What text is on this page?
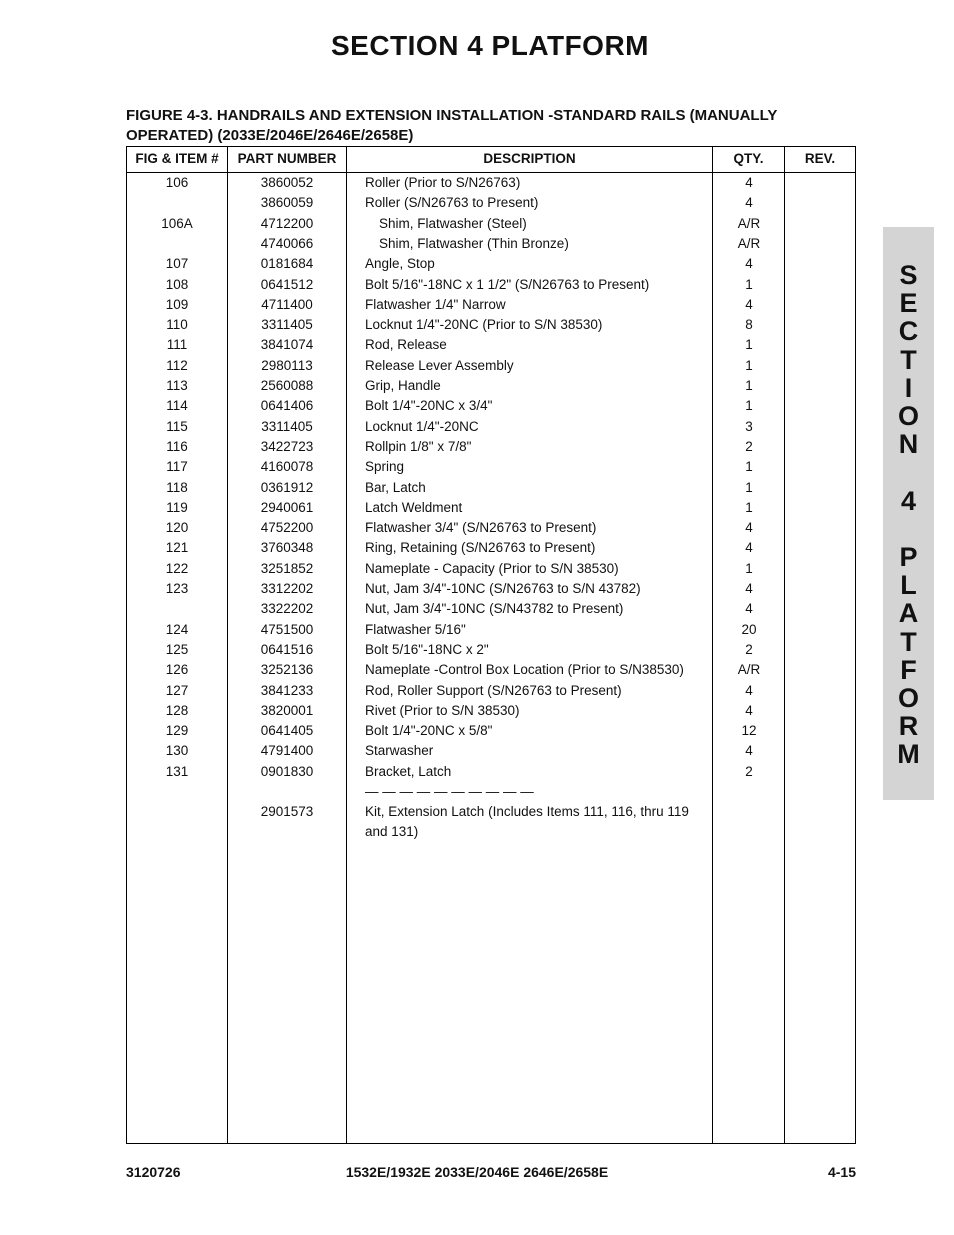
SECTION 4 PLATFORM
FIGURE 4-3. HANDRAILS AND EXTENSION INSTALLATION -STANDARD RAILS (MANUALLY OPERATED) (2033E/2046E/2646E/2658E)
FIG & ITEM #	PART NUMBER	DESCRIPTION	QTY.	REV.
106	3860052	Roller (Prior to S/N26763)	4
3860059	Roller (S/N26763 to Present)	4
106A	4712200	Shim, Flatwasher (Steel)	A/R
4740066	Shim, Flatwasher (Thin Bronze)	A/R
107	0181684	Angle, Stop	4
108	0641512	Bolt 5/16"-18NC x 1 1/2" (S/N26763 to Present)	1
109	4711400	Flatwasher 1/4" Narrow	4
110	3311405	Locknut 1/4"-20NC (Prior to S/N 38530)	8
111	3841074	Rod, Release	1
112	2980113	Release Lever Assembly	1
113	2560088	Grip, Handle	1
114	0641406	Bolt 1/4"-20NC x 3/4"	1
115	3311405	Locknut 1/4"-20NC	3
116	3422723	Rollpin 1/8" x 7/8"	2
117	4160078	Spring	1
118	0361912	Bar, Latch	1
119	2940061	Latch Weldment	1
120	4752200	Flatwasher 3/4" (S/N26763 to Present)	4
121	3760348	Ring, Retaining (S/N26763 to Present)	4
122	3251852	Nameplate - Capacity (Prior to S/N 38530)	1
123	3312202	Nut, Jam 3/4"-10NC (S/N26763 to S/N 43782)	4
3322202	Nut, Jam 3/4"-10NC (S/N43782 to Present)	4
124	4751500	Flatwasher 5/16"	20
125	0641516	Bolt 5/16"-18NC x 2"	2
126	3252136	Nameplate -Control Box Location (Prior to S/N38530)	A/R
127	3841233	Rod, Roller Support (S/N26763 to Present)	4
128	3820001	Rivet (Prior to S/N 38530)	4
129	0641405	Bolt 1/4"-20NC x 5/8"	12
130	4791400	Starwasher	4
131	0901830	Bracket, Latch	2
— — — — — — — — — —
2901573	Kit, Extension Latch (Includes Items 111, 116, thru 119 and 131)
S
E
C
T
I
O
N
4
P
L
A
T
F
O
R
M
3120726	1532E/1932E 2033E/2046E 2646E/2658E	4-15
